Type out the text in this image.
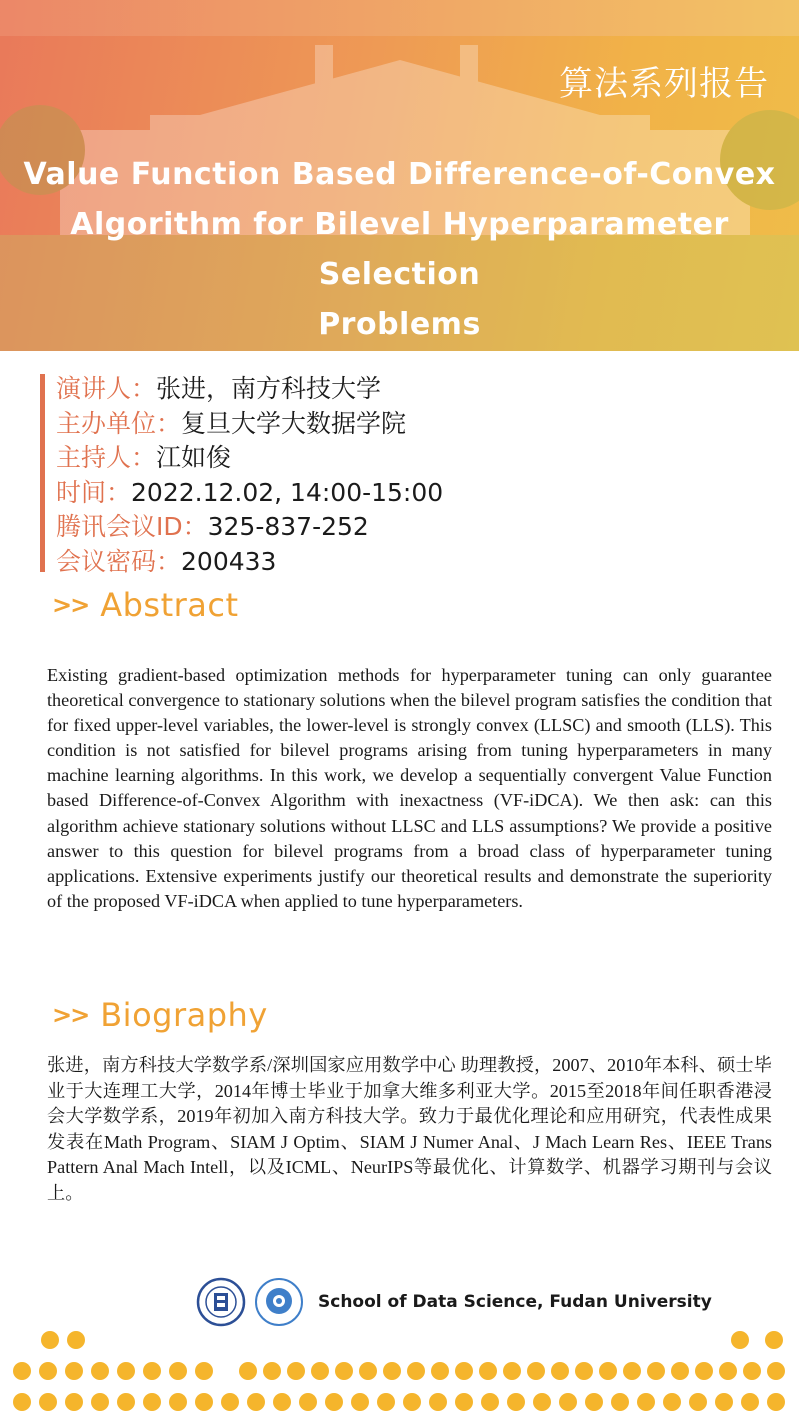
算法系列报告
Value Function Based Difference-of-Convex
Algorithm for Bilevel Hyperparameter Selection
Problems
演讲人：张进，南方科技大学
主办单位：复旦大学大数据学院
主持人：江如俊
时间：2022.12.02, 14:00-15:00
腾讯会议ID：325-837-252
会议密码：200433
>> Abstract
Existing gradient-based optimization methods for hyperparameter tuning can only guarantee theoretical convergence to stationary solutions when the bilevel program satisfies the condition that for fixed upper-level variables, the lower-level is strongly convex (LLSC) and smooth (LLS). This condition is not satisfied for bilevel programs arising from tuning hyperparameters in many machine learning algorithms. In this work, we develop a sequentially convergent Value Function based Difference-of-Convex Algorithm with inexactness (VF-iDCA). We then ask: can this algorithm achieve stationary solutions without LLSC and LLS assumptions? We provide a positive answer to this question for bilevel programs from a broad class of hyperparameter tuning applications. Extensive experiments justify our theoretical results and demonstrate the superiority of the proposed VF-iDCA when applied to tune hyperparameters.
>> Biography
张进，南方科技大学数学系/深圳国家应用数学中心 助理教授，2007、2010年本科、硕士毕业于大连理工大学，2014年博士毕业于加拿大维多利亚大学。2015至2018年间任职香港浸会大学数学系，2019年初加入南方科技大学。致力于最优化理论和应用研究，代表性成果发表在Math Program、SIAM J Optim、SIAM J Numer Anal、J Mach Learn Res、IEEE Trans Pattern Anal Mach Intell，以及ICML、NeurIPS等最优化、计算数学、机器学习期刊与会议上。
School of Data Science, Fudan University
